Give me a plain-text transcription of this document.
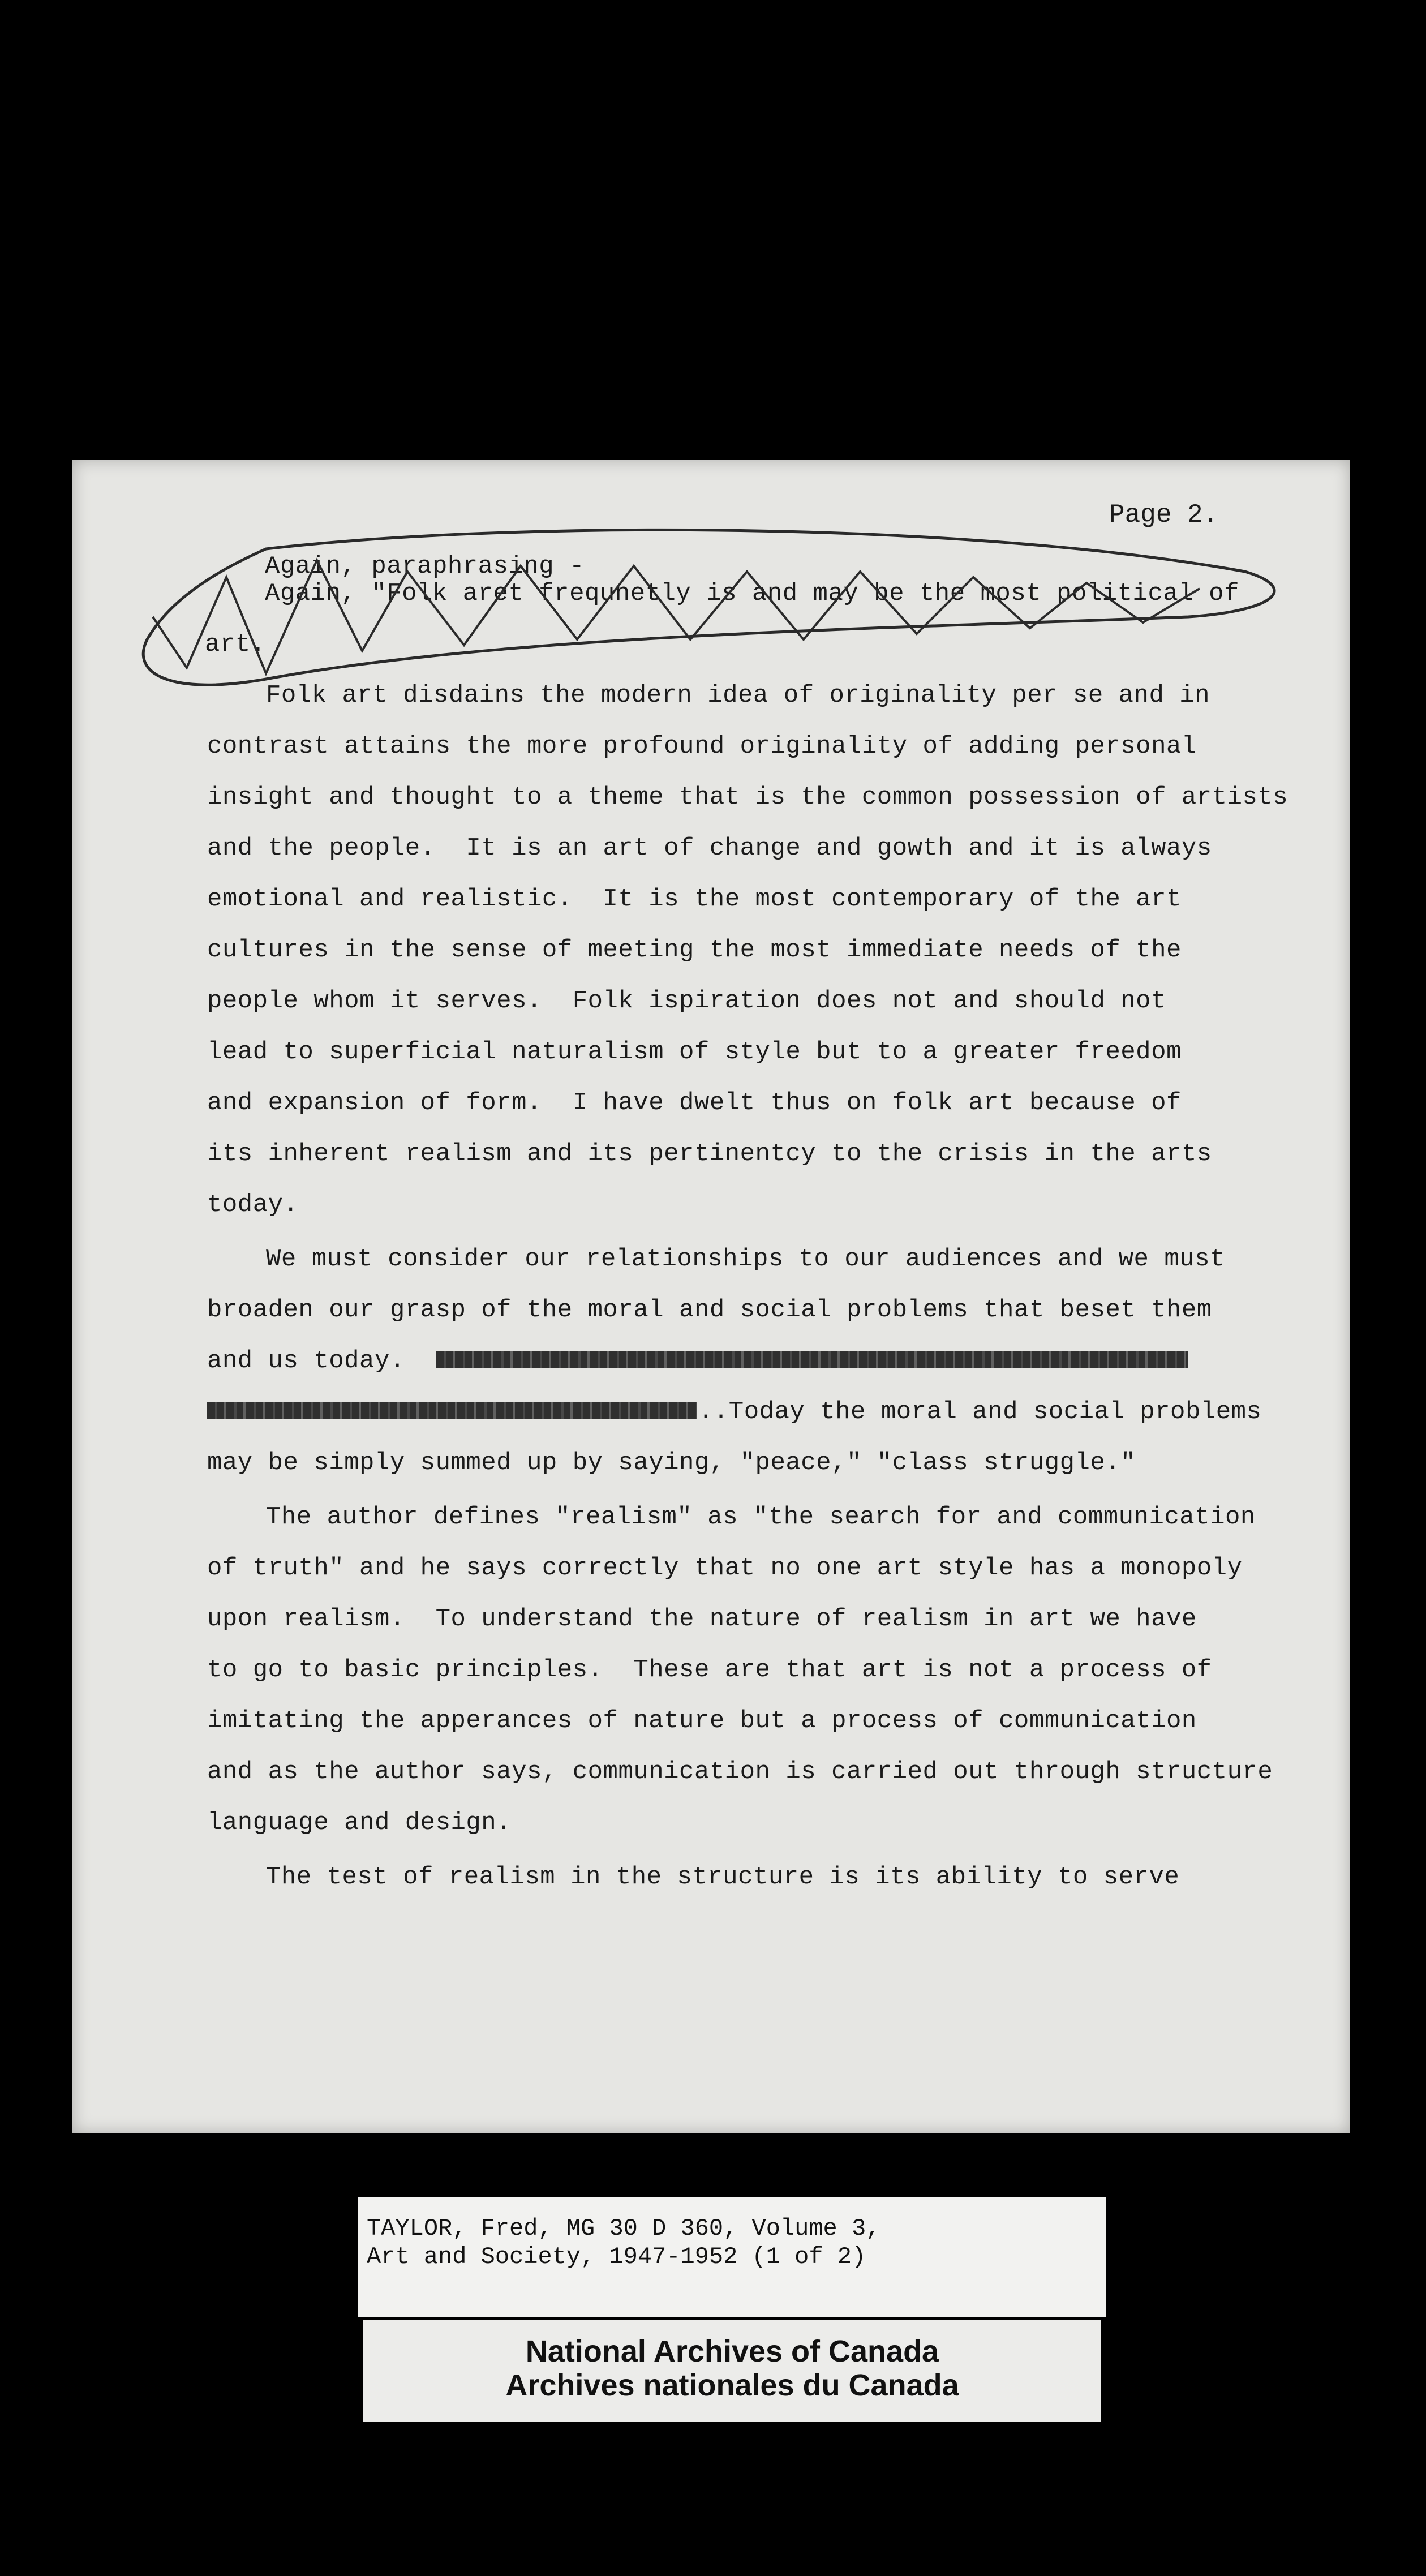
Page 2.
Again, paraphrasing -
Again, "Folk aret frequnetly is and may be the most political of
art.
Folk art disdains the modern idea of originality per se and in
contrast attains the more profound originality of adding personal
insight and thought to a theme that is the common possession of artists
and the people.  It is an art of change and gowth and it is always
emotional and realistic.  It is the most contemporary of the art
cultures in the sense of meeting the most immediate needs of the
people whom it serves.  Folk ispiration does not and should not
lead to superficial naturalism of style but to a greater freedom
and expansion of form.  I have dwelt thus on folk art because of
its inherent realism and its pertinentcy to the crisis in the arts
today.
We must consider our relationships to our audiences and we must
broaden our grasp of the moral and social problems that beset them
and us today.
..Today the moral and social problems
may be simply summed up by saying, "peace," "class struggle."
The author defines "realism" as "the search for and communication
of truth" and he says correctly that no one art style has a monopoly
upon realism.  To understand the nature of realism in art we have
to go to basic principles.  These are that art is not a process of
imitating the apperances of nature but a process of communication
and as the author says, communication is carried out through structure
language and design.
The test of realism in the structure is its ability to serve
TAYLOR, Fred, MG 30 D 360, Volume 3,
Art and Society, 1947-1952 (1 of 2)
National Archives of Canada
Archives nationales du Canada
